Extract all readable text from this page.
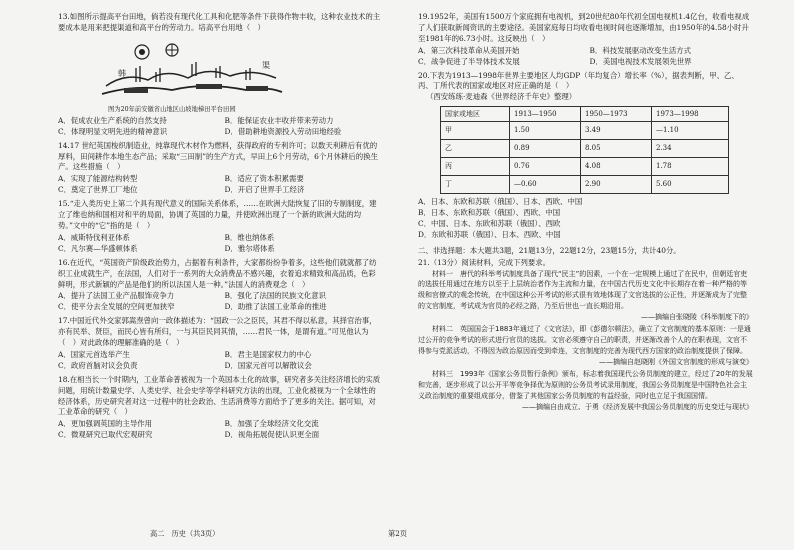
13.如图所示提高平台田地，倘若没有现代化工具和化肥等条件下获得作物丰收，这种农业技术的主要成本是用来把提渠道和高平台的劳动力。培高平台用地（　）

韩
渠
图为20年前安徽省山地区山坡地梯田平台田园
A．促成农业生产系统的自然支持	B．能保证农业丰收并带来劳动力
C．体现明显文明先进的精神意识	D．借助耕地资源投入劳动田地经验

14.17 世纪英国梭织制造业，纯靠现代木材作为燃料，获得政府的专利许可；以数天利耕后有优的厚料，田间耕作本地生态产品；采取“三田制”的生产方式，早田上6个月劳动，6个月休耕后的换生产。这些措施（　）

A．实现了能源结构转型	B．适应了资本积累需要
C．奠定了世界工厂地位	D．开启了世界手工经济

15.“走入类历史上第二个具有现代意义的国际关系体系，……在欧洲大陆恢复了旧的专制制度，建立了维也纳和国相对和平的局面，协调了英国的力量，并使欧洲出现了一个新的欧洲大陆的均势。”文中的“它”指的是（　）

A．威斯特伐利亚体系	B．维也纳体系
C．凡尔赛—华盛顿体系	D．雅尔塔体系

16.在近代，“英国资产阶级政治势力，占据着有利条件，大家都纷纷争着多，这些他们就就都了纺织工业成就生产，在法国，人们对于一系列的大众消费品不感兴趣，衣着追求精致和高品质，色彩鲜明，形式新颖的产品是他们的所以法国人是一种。”法国人的消费观念（　）

A．提升了法国工业产品服饰竞争力	B．强化了法国的民族文化意识
C．使平分去全发展的空间更加狭窄	D．助推了法国工业革命的推进

17.中国近代外交家郭嵩焘曾向一政体描述为：“国政一公之臣民，其君不得以私意，其择官治事，亦有民举、贤臣，而民心皆有所归，一与其臣民同其情，……君民一体，是谓有道。”可见他认为（　）对此政体的理解准确的是（　）

A．国家元首选举产生	B．君主是国家权力的中心
C．政府首脑对议会负责	D．国家元首可以解散议会

18.在相当长一个时期内，工业革命普被视为一个英国本土化的故事，研究者多关注经济增长的实质问题，用统计数量史学、人类史学、社会史学等学科研究方法的出现，工业化被视为一个全球性的经济体系，历史研究者对这一过程中的社会政治、生活消费等方面给予了更多的关注。据可知，对工业革命的研究（　）

A．更加强调英国的主导作用	B．加强了全球经济文化交流
C．微观研究已取代宏观研究	D．视角拓展促使认识更全面

19.1952年，美国有1500万个家庭拥有电视机，到20世纪80年代初全国电视机1.4亿台，收看电视成了人们获取新闻资讯的主要途径。美国家庭每日均收看电视时间也逐渐增加，由1950年的4.58小时升至1981年的6.73小时。这反映出（　）

A．第三次科技革命从美国开始	B．科技发展驱动改变生活方式
C．战争促进了半导体技术发展	D．美国电视技术发展领先世界

20.下表为1913—1998年世界主要地区人均GDP（年均复合）增长率（%），据表判断，甲、乙、丙、丁所代表的国家或地区对应正确的是（　）

（西安练练·麦迪森《世界经济千年史》整理）
国家或地区	1913—1950	1950—1973	1973—1998
甲	1.50	3.49	—1.10
乙	0.89	8.05	2.34
丙	0.76	4.08	1.78
丁	—0.60	2.90	5.60
A．日本、东欧和苏联（俄国）、日本、西欧、中国
B．日本、东欧和苏联（俄国）、西欧、中国
C．中国、日本、东欧和苏联（俄国）、西欧
D．东欧和苏联（俄国）、日本、西欧、中国

二、非选择题：本大题共3题，21题13分，22题12分，23题15分，共计40分。

21.（13分）阅读材料，完成下列要求。

材料一　唐代的科举考试制度具备了现代“民主”的因素，一个在一定规模上通过了在民中，但朝廷官吏的选拔任用通过在地方以至于上层统治者作为主流和力量，在中国古代历史文化中长期存在着一种严格的等级和官僚式的观念传统，在中国这种公开考试的形式很有效地体现了文官选拔的公正性，并逐渐成为了完整的文官制度，考试成为官员的必经之路，乃至后世也一直长期沿用。

——摘编自张晓陵《科举制度下的》

材料二　英国国会于1883年通过了《文官法》，即《彭德尔顿法》，确立了文官制度的基本原则：一是通过公开的竞争考试的形式进行官员的选拔。文官必须遵守自己的职责，并逐渐改善个人的在职表现，文官不得参与党派活动，不得因为政治原因而受到牵连，文官制度的完善为现代西方国家的政治制度提供了保障。

——摘编自赵晓刚《外国文官制度的形成与演变》

材料三　1993年《国家公务员暂行条例》颁布，标志着我国现代公务员制度的建立，经过了20年的发展和完善，逐步形成了以公开平等竞争择优为原则的公务员考试录用制度，我国公务员制度是中国特色社会主义政治制度的重要组成部分，借鉴了其他国家公务员制度的有益经验，同时也立足于我国国情。

——摘编自由成立、于勇《经济发展中我国公务员制度的历史变迁与现状》

高二　历史（共3页）	第2页
